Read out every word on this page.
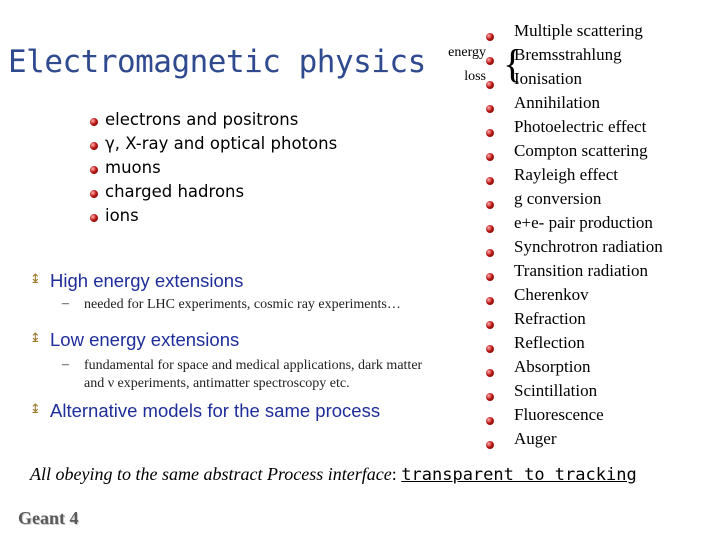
Electromagnetic physics
electrons and positrons
γ, X-ray and optical photons
muons
charged hadrons
ions
↨ High energy extensions
– needed for LHC experiments, cosmic ray experiments…
↨ Low energy extensions
– fundamental for space and medical applications, dark matter and ν experiments, antimatter spectroscopy etc.
↨ Alternative models for the same process
energy
loss {
Multiple scattering
Bremsstrahlung
Ionisation
Annihilation
Photoelectric effect
Compton scattering
Rayleigh effect
g conversion
e+e- pair production
Synchrotron radiation
Transition radiation
Cherenkov
Refraction
Reflection
Absorption
Scintillation
Fluorescence
Auger
All obeying to the same abstract Process interface: transparent to tracking
Geant 4
